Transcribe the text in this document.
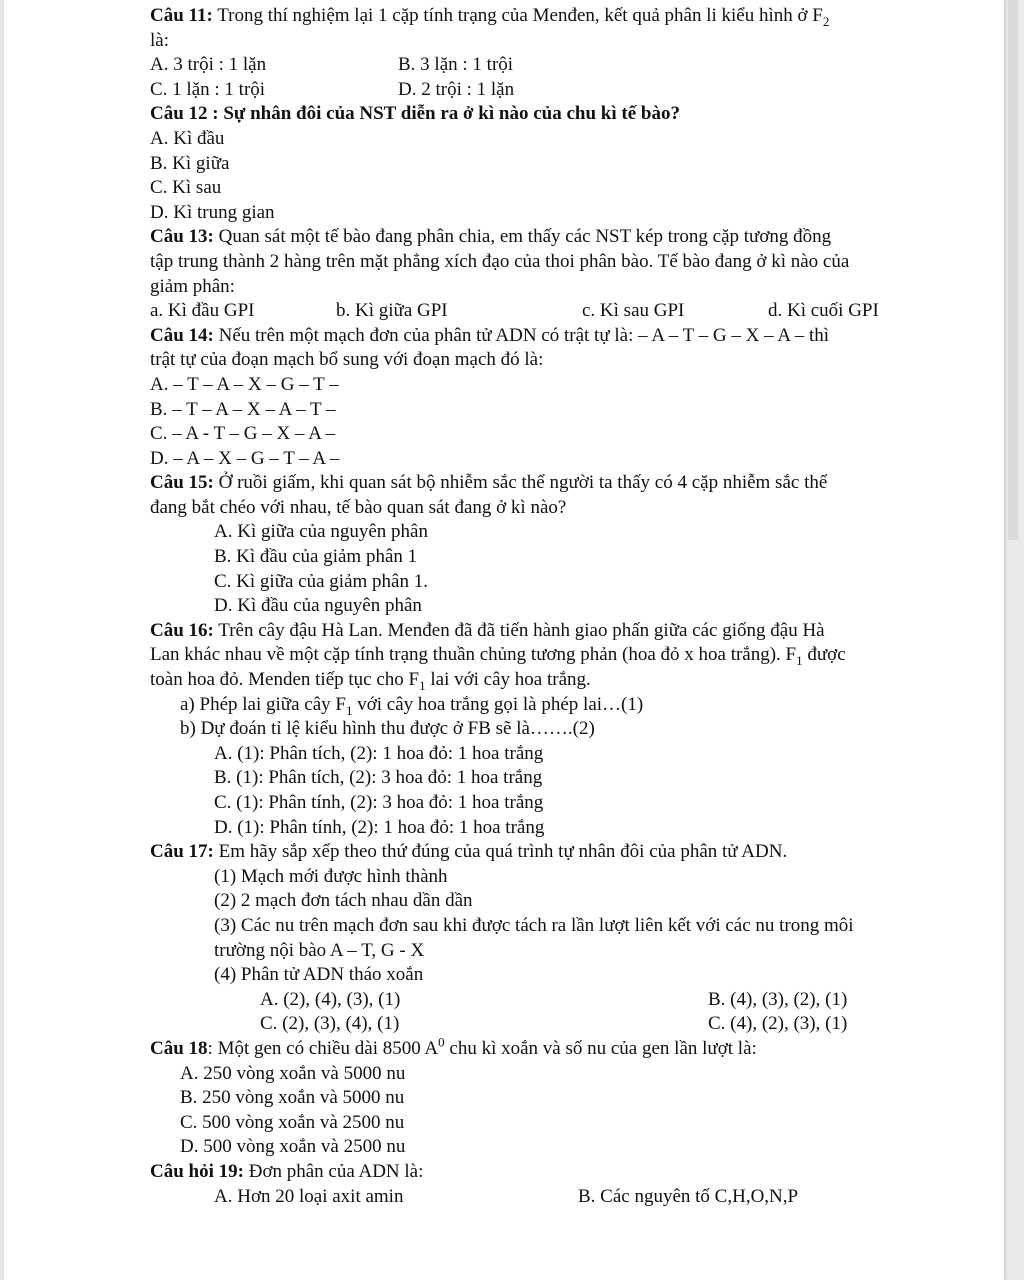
Câu 11: Trong thí nghiệm lại 1 cặp tính trạng của Menđen, kết quả phân li kiểu hình ở $F_2$
là:
A. 3 trội : 1 lặn	B. 3 lặn : 1 trội
C. 1 lặn : 1 trội	D. 2 trội : 1 lặn
Câu 12 : Sự nhân đôi của NST diễn ra ở kì nào của chu kì tế bào?
A. Kì đầu
B. Kì giữa
C. Kì sau
D. Kì trung gian
Câu 13: Quan sát một tế bào đang phân chia, em thấy các NST kép trong cặp tương đồng
tập trung thành 2 hàng trên mặt phẳng xích đạo của thoi phân bào. Tế bào đang ở kì nào của
giảm phân:
a. Kì đầu GPI	b. Kì giữa GPI	c. Kì sau GPI	d. Kì cuối GPI
Câu 14: Nếu trên một mạch đơn của phân tử ADN có trật tự là: – A – T – G – X – A – thì
trật tự của đoạn mạch bổ sung với đoạn mạch đó là:
A. – T – A – X – G – T –
B. – T – A – X – A – T –
C. – A - T – G – X – A –
D. – A – X – G – T – A –
Câu 15: Ở ruồi giấm, khi quan sát bộ nhiễm sắc thể người ta thấy có 4 cặp nhiễm sắc thể
đang bắt chéo với nhau, tế bào quan sát đang ở kì nào?
A. Kì giữa của nguyên phân
B. Kì đầu của giảm phân 1
C. Kì giữa của giảm phân 1.
D. Kì đầu của nguyên phân
Câu 16: Trên cây đậu Hà Lan. Menđen đã đã tiến hành giao phấn giữa các giống đậu Hà
Lan khác nhau về một cặp tính trạng thuần chủng tương phản (hoa đỏ x hoa trắng). $F_1$ được
toàn hoa đỏ. Menden tiếp tục cho $F_1$ lai với cây hoa trắng.
a) Phép lai giữa cây $F_1$ với cây hoa trắng gọi là phép lai…(1)
b) Dự đoán tỉ lệ kiểu hình thu được ở FB sẽ là…….(2)
A. (1): Phân tích, (2): 1 hoa đỏ: 1 hoa trắng
B. (1): Phân tích, (2): 3 hoa đỏ: 1 hoa trắng
C. (1): Phân tính, (2): 3 hoa đỏ: 1 hoa trắng
D. (1): Phân tính, (2): 1 hoa đỏ: 1 hoa trắng
Câu 17: Em hãy sắp xếp theo thứ đúng của quá trình tự nhân đôi của phân tử ADN.
(1) Mạch mới được hình thành
(2) 2 mạch đơn tách nhau dần dần
(3) Các nu trên mạch đơn sau khi được tách ra lần lượt liên kết với các nu trong môi
trường nội bào A – T, G - X
(4) Phân tử ADN tháo xoắn
A. (2), (4), (3), (1)	B. (4), (3), (2), (1)
C. (2), (3), (4), (1)	C. (4), (2), (3), (1)
Câu 18: Một gen có chiều dài 8500 $A^0$ chu kì xoắn và số nu của gen lần lượt là:
A. 250 vòng xoắn và 5000 nu
B. 250 vòng xoắn và 5000 nu
C. 500 vòng xoắn và 2500 nu
D. 500 vòng xoắn và 2500 nu
Câu hỏi 19: Đơn phân của ADN là:
A. Hơn 20 loại axit amin	B. Các nguyên tố C,H,O,N,P
